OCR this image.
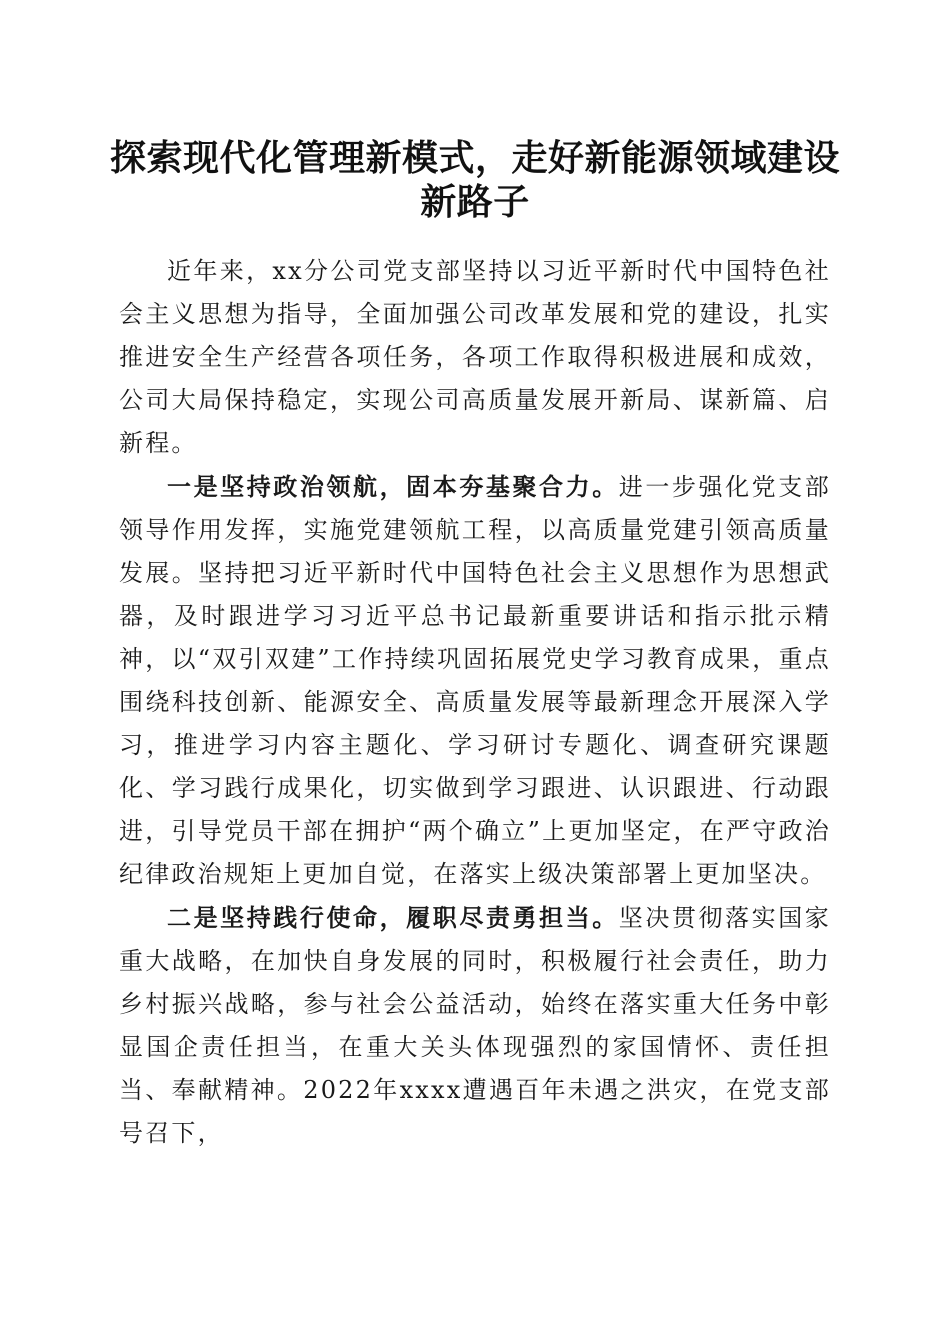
探索现代化管理新模式，走好新能源领域建设
新路子

近年来，xx分公司党支部坚持以习近平新时代中国特色社会主义思想为指导，全面加强公司改革发展和党的建设，扎实推进安全生产经营各项任务，各项工作取得积极进展和成效，公司大局保持稳定，实现公司高质量发展开新局、谋新篇、启新程。

一是坚持政治领航，固本夯基聚合力。进一步强化党支部领导作用发挥，实施党建领航工程，以高质量党建引领高质量发展。坚持把习近平新时代中国特色社会主义思想作为思想武器，及时跟进学习习近平总书记最新重要讲话和指示批示精神，以“双引双建”工作持续巩固拓展党史学习教育成果，重点围绕科技创新、能源安全、高质量发展等最新理念开展深入学习，推进学习内容主题化、学习研讨专题化、调查研究课题化、学习践行成果化，切实做到学习跟进、认识跟进、行动跟进，引导党员干部在拥护“两个确立”上更加坚定，在严守政治纪律政治规矩上更加自觉，在落实上级决策部署上更加坚决。

二是坚持践行使命，履职尽责勇担当。坚决贯彻落实国家重大战略，在加快自身发展的同时，积极履行社会责任，助力乡村振兴战略，参与社会公益活动，始终在落实重大任务中彰显国企责任担当，在重大关头体现强烈的家国情怀、责任担当、奉献精神。2022年xxxx遭遇百年未遇之洪灾，在党支部号召下，
